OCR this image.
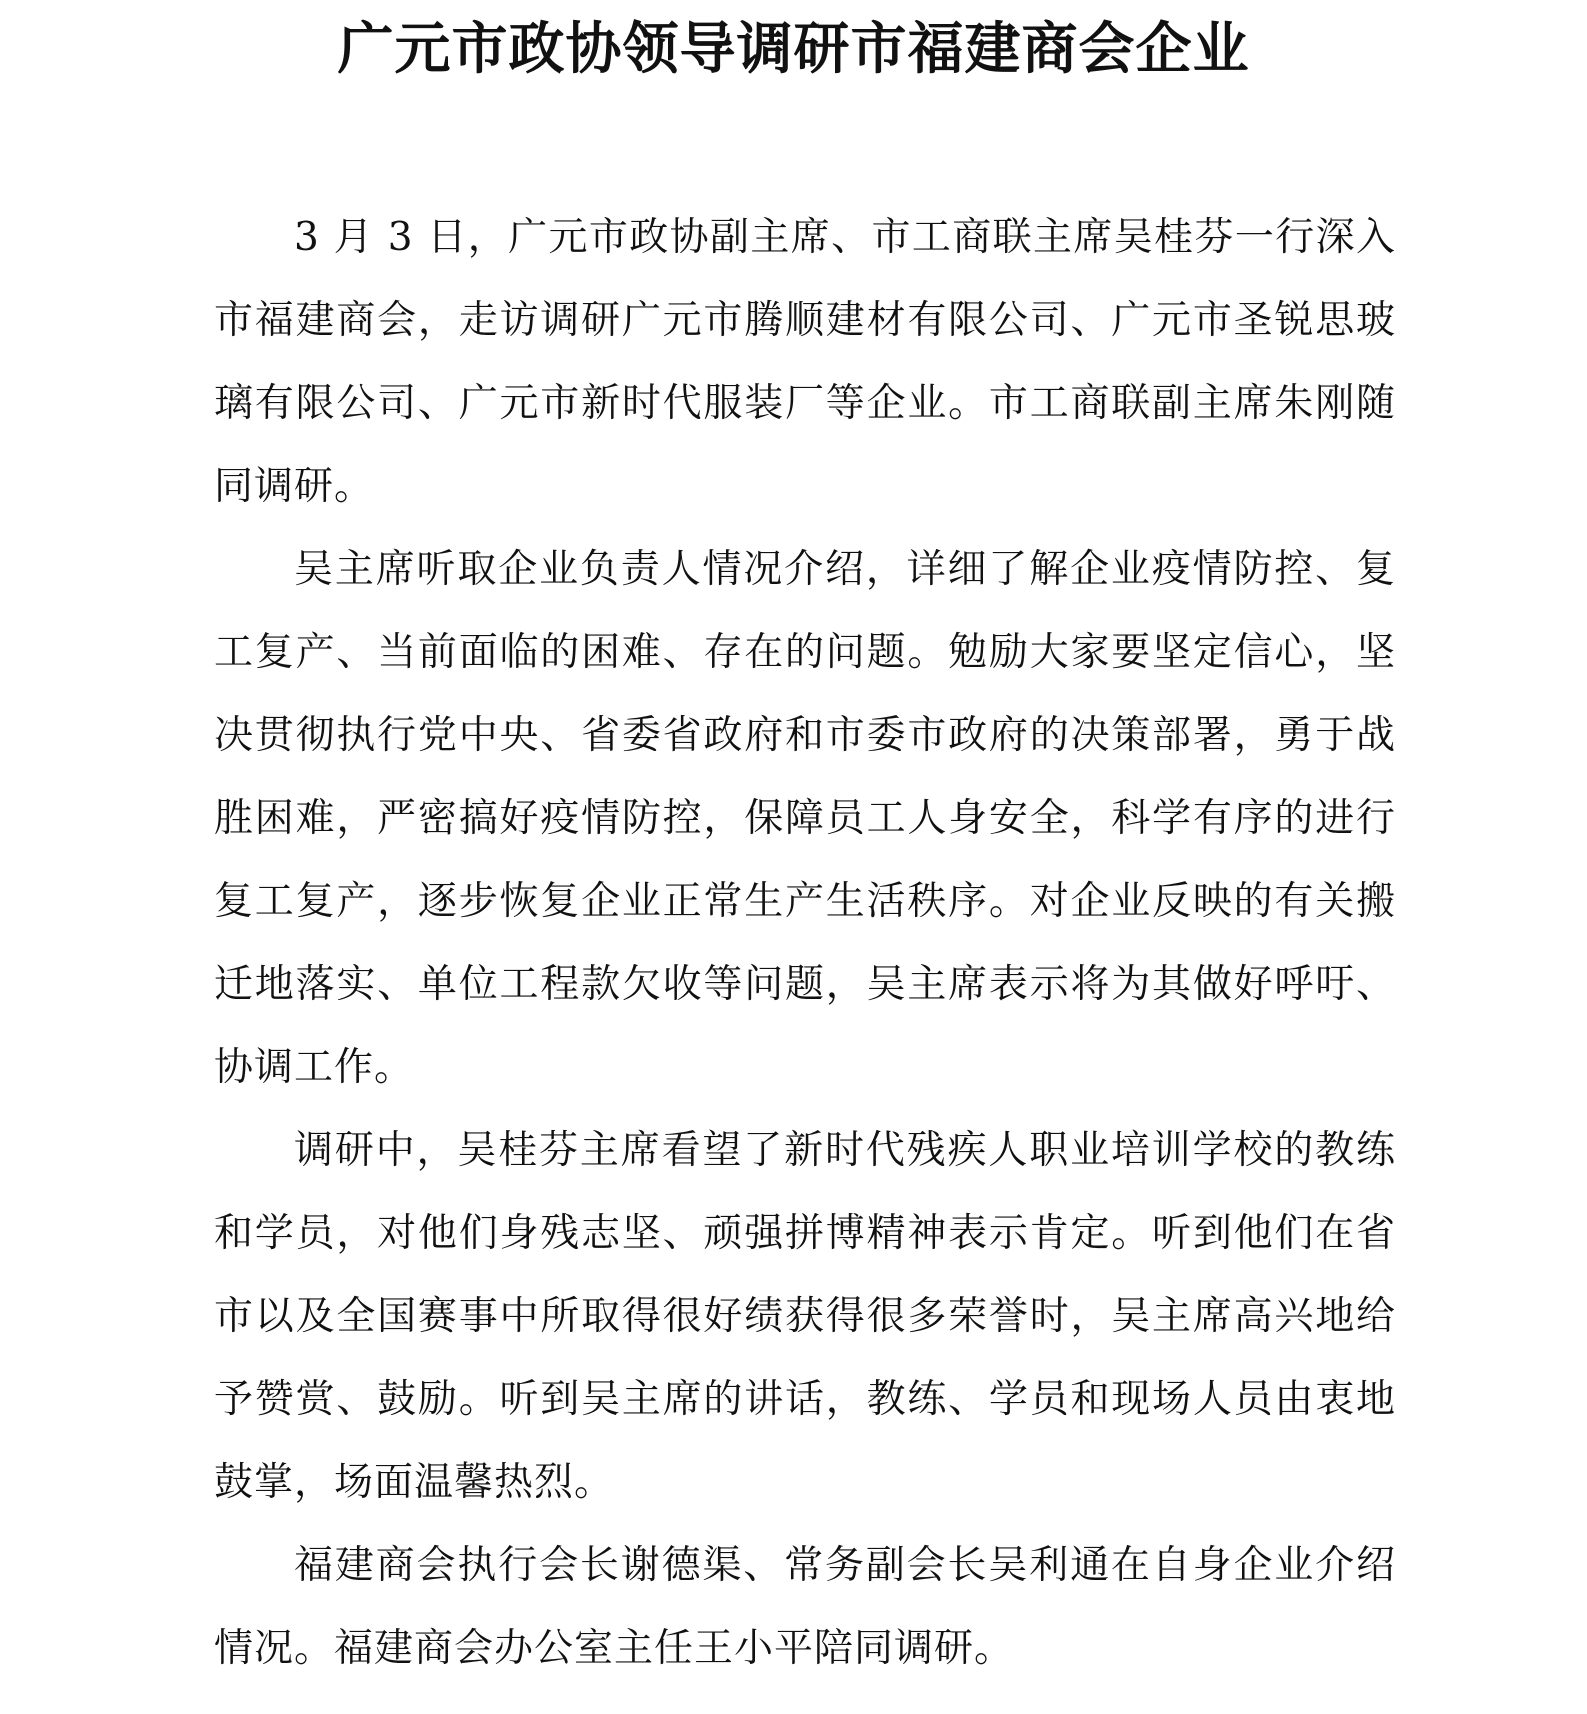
广元市政协领导调研市福建商会企业

3 月 3 日，广元市政协副主席、市工商联主席吴桂芬一行深入市福建商会，走访调研广元市腾顺建材有限公司、广元市圣锐思玻璃有限公司、广元市新时代服装厂等企业。市工商联副主席朱刚随同调研。

吴主席听取企业负责人情况介绍，详细了解企业疫情防控、复工复产、当前面临的困难、存在的问题。勉励大家要坚定信心，坚决贯彻执行党中央、省委省政府和市委市政府的决策部署，勇于战胜困难，严密搞好疫情防控，保障员工人身安全，科学有序的进行复工复产，逐步恢复企业正常生产生活秩序。对企业反映的有关搬迁地落实、单位工程款欠收等问题，吴主席表示将为其做好呼吁、协调工作。

调研中，吴桂芬主席看望了新时代残疾人职业培训学校的教练和学员，对他们身残志坚、顽强拼博精神表示肯定。听到他们在省市以及全国赛事中所取得很好绩获得很多荣誉时，吴主席高兴地给予赞赏、鼓励。听到吴主席的讲话，教练、学员和现场人员由衷地鼓掌，场面温馨热烈。

福建商会执行会长谢德渠、常务副会长吴利通在自身企业介绍情况。福建商会办公室主任王小平陪同调研。
